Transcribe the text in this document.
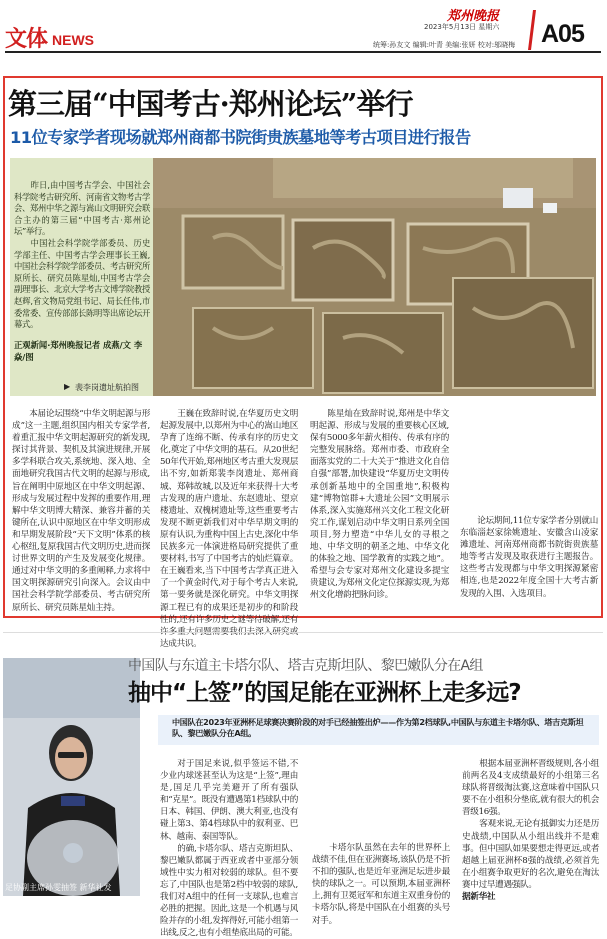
文体 NEWS
郑州晚报
2023年5月13日 星期六
统筹:孙友文 编辑:叶青 美编:张妍 校对:邬晓梅 A05
第三届“中国考古·郑州论坛”举行
11位专家学者现场就郑州商都书院街贵族墓地等考古项目进行报告
昨日,由中国考古学会、中国社会科学院考古研究所、河南省文物考古学会、郑州中华之源与嵩山文明研究会联合主办的第三届“中国考古·郑州论坛”举行。
中国社会科学院学部委员、历史学部主任、中国考古学会理事长王巍,中国社会科学院学部委员、考古研究所原所长、研究员陈星灿,中国考古学会副理事长、北京大学考古文博学院教授赵辉,省文物局党组书记、局长任伟,市委常委、宣传部部长陈明等出席论坛开幕式。
正观新闻·郑州晚报记者 成燕/文 李焱/图
▶ 裴李岗遗址航拍图

本届论坛围绕“中华文明起源与形成”这一主题,组织国内相关专家学者,着重汇报中华文明起源研究的新发现,探讨其背景、契机及其演进规律,开展多学科联合攻关,系统地、深入地、全面地研究我国古代文明的起源与形成,旨在阐明中原地区在中华文明起源、形成与发展过程中发挥的重要作用,理解中华文明博大精深、兼容并蓄的关键所在,认识中原地区在中华文明形成和早期发展阶段“天下文明”体系的核心枢纽,复原我国古代文明历史,进而探讨世界文明的产生及发展变化规律。通过对中华文明的多重阐释,力求将中国文明探源研究引向深入。会议由中国社会科学院学部委员、考古研究所原所长、研究员陈星灿主持。

王巍在致辞时说,在华夏历史文明起源发展中,以郑州为中心的嵩山地区孕育了连绵不断、传承有序的历史文化,奠定了中华文明的基石。从20世纪50年代开始,郑州地区考古重大发现层出不穷,如新郑裴李岗遗址、郑州商城、郑韩故城,以及近年来获得十大考古发现的唐户遗址、东赵遗址、望京楼遗址、双槐树遗址等,这些重要考古发现不断更新我们对中华早期文明的原有认识,为重构中国上古史,深化中华民族多元一体演进格局研究提供了重要材料,书写了中国考古的灿烂篇章。在王巍看来,当下中国考古学真正进入了一个黄金时代,对于每个考古人来说,第一要务就是深化研究。中华文明探源工程已有的成果还是初步的和阶段性的,还有许多历史之谜等待破解,还有 达成共识。

陈星灿在致辞时说,郑州是中华文明起源、形成与发展的重要核心区域,保有5000多年薪火相传、传承有序的完整发展脉络。郑州市委、市政府全面落实党的二十大关于“推进文化自信自强”部署,加快建设“华夏历史文明传承创新基地中的全国重地”,积极构建“博物馆群+大遗址公园”文明展示体系,深入实施郑州兴文化工程文化研究工作,谋划启动中华文明日系列全国项目,努力塑造“中华儿女的寻根之地、中华文明的朝圣之地、中华文化的体验之地、国学教育的实践之地”。希望与会专家对郑州文化建设多提宝贵建议,为郑州文化定位探源实现,为郑州文化增韵把脉问诊。

论坛期间,11位专家学者分别就山东临淄赵家徐姚遗址、安徽含山凌家滩遗址、河南郑州商都书院街贵族墓地等考古发现及取获进行主题报告。这些考古发现都与中华文明探源紧密相连,也是2022年度全国十大考古新发现的入围、入选项目。

足协副主席孙雯抽签 新华社发
中国队与东道主卡塔尔队、塔吉克斯坦队、黎巴嫩队分在A组
抽中“上签”的国足能在亚洲杯上走多远?
中国队在2023年亚洲杯足球赛决赛阶段的对手已经抽签出炉——作为第2档球队,中国队与东道主卡塔尔队、塔吉克斯坦队、黎巴嫩队分在A组。

对于国足来说,似乎签运不错,不少业内球迷甚至认为这是“上签”,理由是,国足几乎完美避开了所有强队和“克星”。既没有遭遇第1档球队中的日本、韩国、伊朗、澳大利亚,也没有碰上第3、第4档球队中的叙利亚、巴林、越南、泰国等队。

的确,卡塔尔队、塔吉克斯坦队、黎巴嫩队都属于西亚或者中亚部分领域性中实力相对较弱的球队。但不要忘了,中国队也是第2档中较弱的球队,我们对A组中的任何一支球队,也难言必胜的把握。因此,这是一个机遇与风险并存的小组,发挥得好,可能小组第一出线,反之,也有小组垫底出局的可能。

卡塔尔队虽然在去年的世界杯上战绩不佳,但在亚洲赛场,该队仍是不折不扣的强队,也是近年亚洲足坛进步最快的球队之一。可以预期,本届亚洲杯上,拥有卫冕冠军和东道主双重身份的卡塔尔队,将是中国队在小组赛的头号对手。

根据本届亚洲杯晋级规则,各小组前两名及4支成绩最好的小组第三名球队将晋级淘汰赛,这意味着中国队只要不在小组积分垫底,就有很大的机会晋级16强。

客观来说,无论有抵御实力还是历史战绩,中国队从小组出线并不是难事。但中国队如果要想走得更远,或者超越上届亚洲杯8强的战绩,必须首先在小组赛争取更好的名次,避免在淘汰赛中过早遭遇强队。

据新华社
